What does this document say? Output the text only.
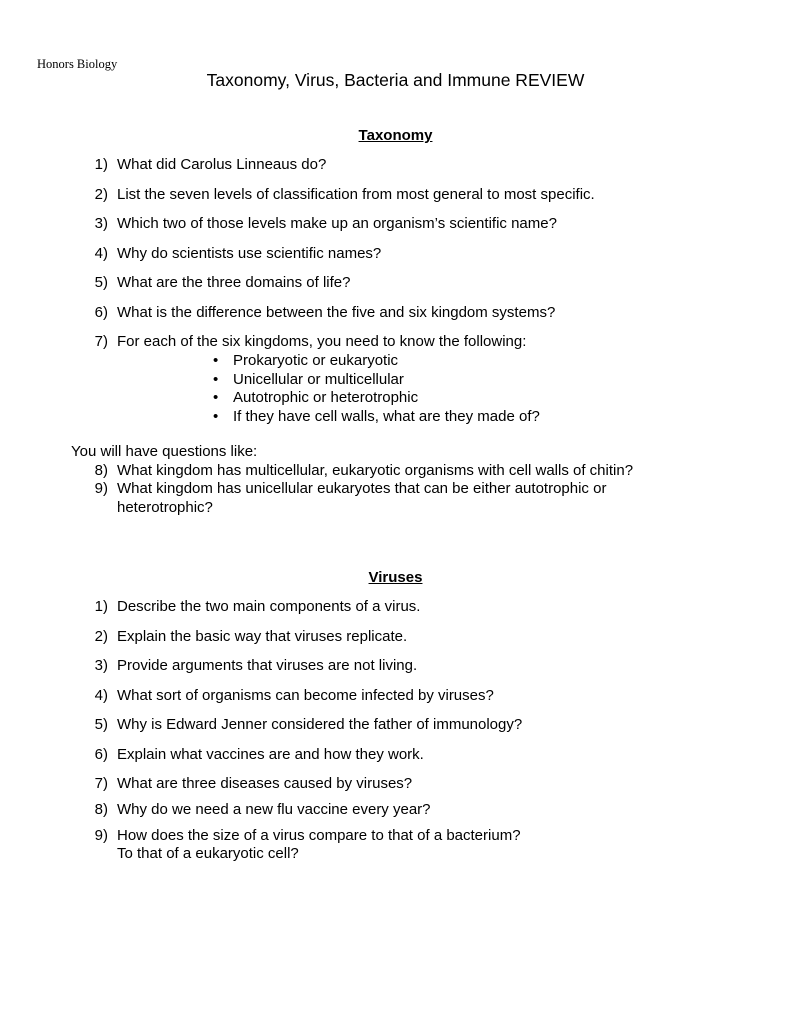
Honors Biology
Taxonomy, Virus, Bacteria and Immune REVIEW
Taxonomy
1) What did Carolus Linneaus do?
2) List the seven levels of classification from most general to most specific.
3) Which two of those levels make up an organism’s scientific name?
4) Why do scientists use scientific names?
5) What are the three domains of life?
6) What is the difference between the five and six kingdom systems?
7) For each of the six kingdoms, you need to know the following:
• Prokaryotic or eukaryotic
• Unicellular or multicellular
• Autotrophic or heterotrophic
• If they have cell walls, what are they made of?
You will have questions like:
8) What kingdom has multicellular, eukaryotic organisms with cell walls of chitin?
9) What kingdom has unicellular eukaryotes that can be either autotrophic or
heterotrophic?
Viruses
1) Describe the two main components of a virus.
2) Explain the basic way that viruses replicate.
3) Provide arguments that viruses are not living.
4) What sort of organisms can become infected by viruses?
5) Why is Edward Jenner considered the father of immunology?
6) Explain what vaccines are and how they work.
7) What are three diseases caused by viruses?
8) Why do we need a new flu vaccine every year?
9) How does the size of a virus compare to that of a bacterium?
To that of a eukaryotic cell?
